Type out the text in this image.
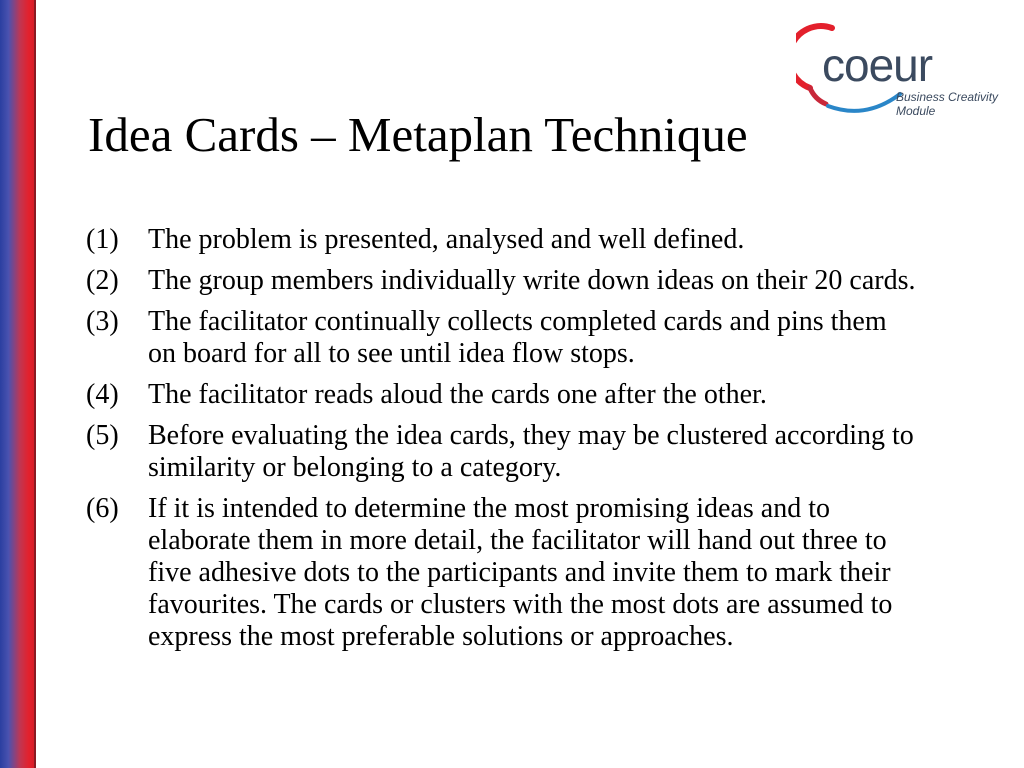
coeur
Business Creativity
Module
Idea Cards – Metaplan Technique
(1)	The problem is presented, analysed and well defined.
(2)	The group members individually write down ideas on their 20 cards.
(3)	The facilitator continually collects completed cards and pins them on board for all to see until idea flow stops.
(4)	The facilitator reads aloud the cards one after the other.
(5)	Before evaluating the idea cards, they may be clustered according to similarity or belonging to a category.
(6)	If it is intended to determine the most promising ideas and to elaborate them in more detail, the facilitator will hand out three to five adhesive dots to the participants and invite them to mark their favourites. The cards or clusters with the most dots are assumed to express the most preferable solutions or approaches.
